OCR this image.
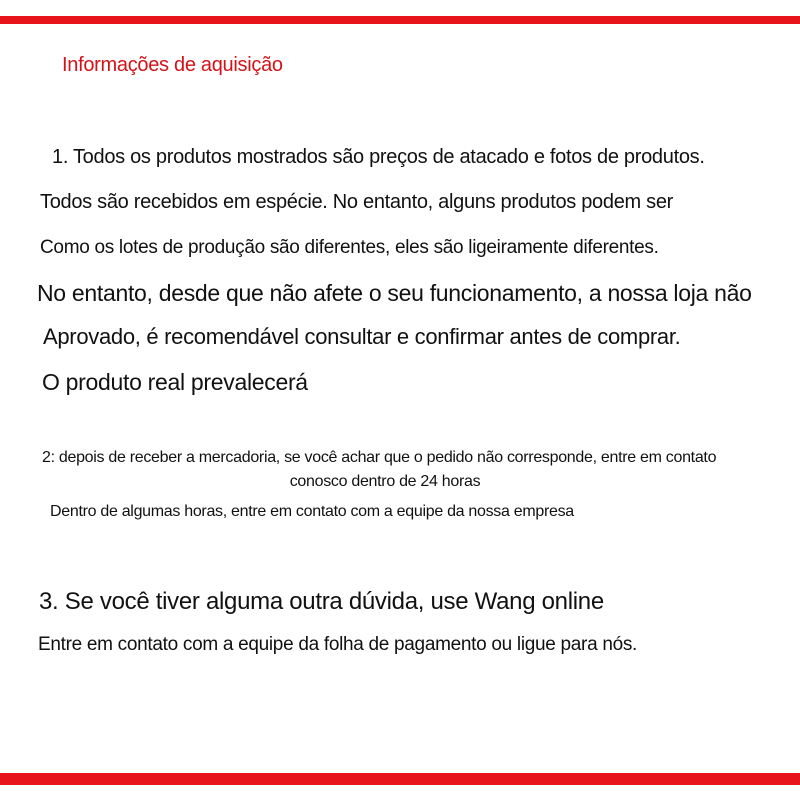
Informações de aquisição
1. Todos os produtos mostrados são preços de atacado e fotos de produtos.
Todos são recebidos em espécie. No entanto, alguns produtos podem ser
Como os lotes de produção são diferentes, eles são ligeiramente diferentes.
No entanto, desde que não afete o seu funcionamento, a nossa loja não
Aprovado, é recomendável consultar e confirmar antes de comprar.
O produto real prevalecerá
2: depois de receber a mercadoria, se você achar que o pedido não corresponde, entre em contato
conosco dentro de 24 horas
Dentro de algumas horas, entre em contato com a equipe da nossa empresa
3. Se você tiver alguma outra dúvida, use Wang online
Entre em contato com a equipe da folha de pagamento ou ligue para nós.
